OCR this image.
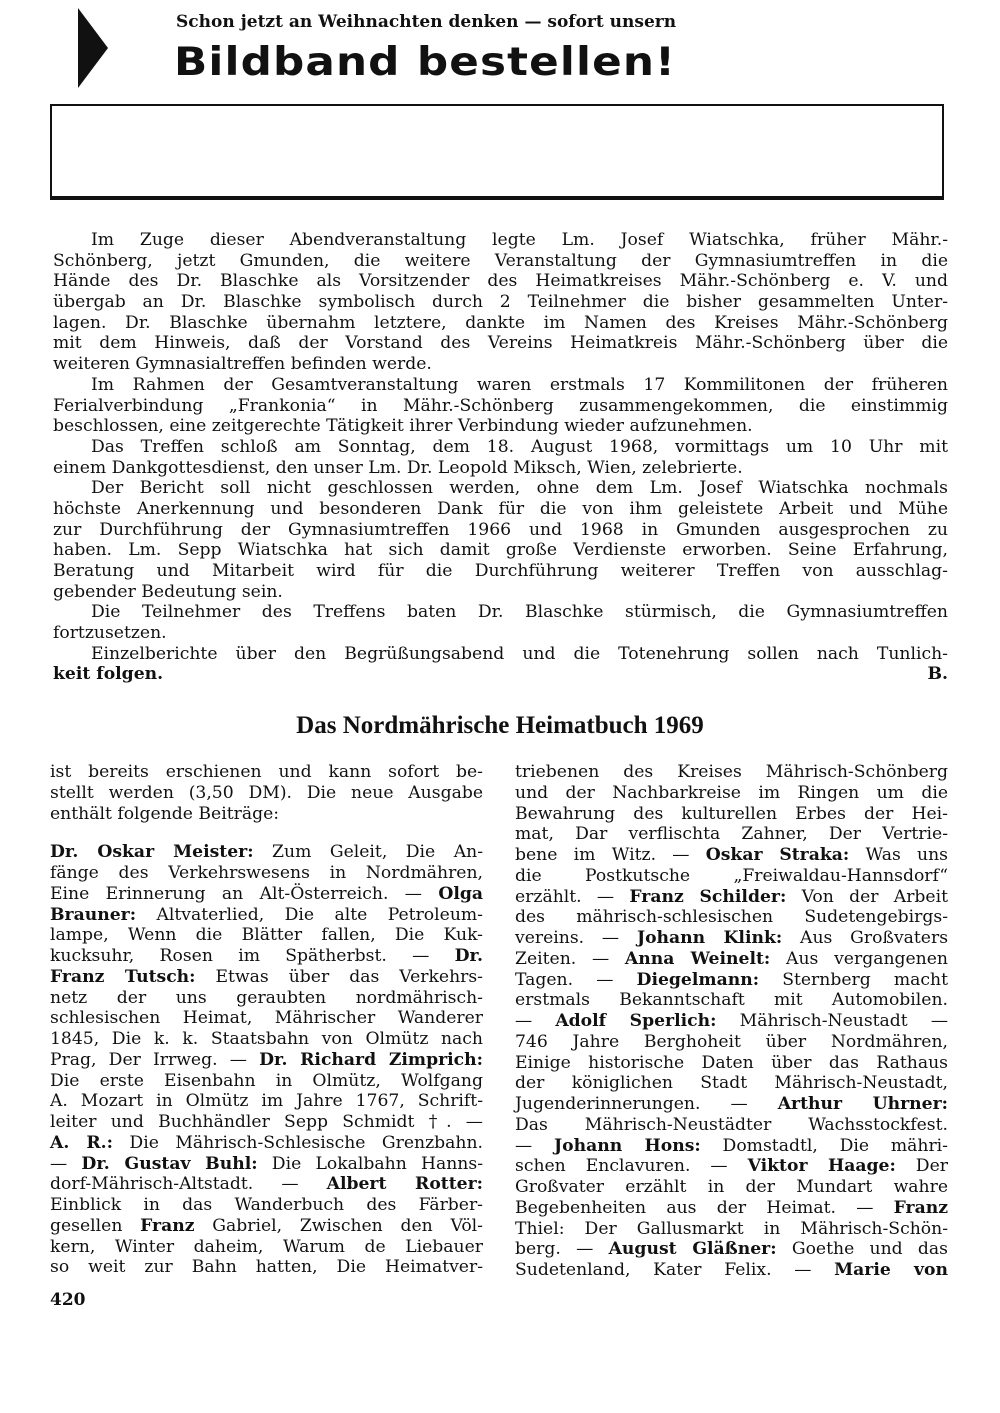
Schon jetzt an Weihnachten denken — sofort unsern
Bildband bestellen!
Im Zuge dieser Abendveranstaltung legte Lm. Josef Wiatschka, früher Mähr.-
Schönberg, jetzt Gmunden, die weitere Veranstaltung der Gymnasiumtreffen in die
Hände des Dr. Blaschke als Vorsitzender des Heimatkreises Mähr.-Schönberg e. V. und
übergab an Dr. Blaschke symbolisch durch 2 Teilnehmer die bisher gesammelten Unter-
lagen. Dr. Blaschke übernahm letztere, dankte im Namen des Kreises Mähr.-Schönberg
mit dem Hinweis, daß der Vorstand des Vereins Heimatkreis Mähr.-Schönberg über die
weiteren Gymnasialtreffen befinden werde.
Im Rahmen der Gesamtveranstaltung waren erstmals 17 Kommilitonen der früheren
Ferialverbindung „Frankonia“ in Mähr.-Schönberg zusammengekommen, die einstimmig
beschlossen, eine zeitgerechte Tätigkeit ihrer Verbindung wieder aufzunehmen.
Das Treffen schloß am Sonntag, dem 18. August 1968, vormittags um 10 Uhr mit
einem Dankgottesdienst, den unser Lm. Dr. Leopold Miksch, Wien, zelebrierte.
Der Bericht soll nicht geschlossen werden, ohne dem Lm. Josef Wiatschka nochmals
höchste Anerkennung und besonderen Dank für die von ihm geleistete Arbeit und Mühe
zur Durchführung der Gymnasiumtreffen 1966 und 1968 in Gmunden ausgesprochen zu
haben. Lm. Sepp Wiatschka hat sich damit große Verdienste erworben. Seine Erfahrung,
Beratung und Mitarbeit wird für die Durchführung weiterer Treffen von ausschlag-
gebender Bedeutung sein.
Die Teilnehmer des Treffens baten Dr. Blaschke stürmisch, die Gymnasiumtreffen
fortzusetzen.
Einzelberichte über den Begrüßungsabend und die Totenehrung sollen nach Tunlich-
keit folgen.	B.
Das Nordmährische Heimatbuch 1969
ist bereits erschienen und kann sofort be-
stellt werden (3,50 DM). Die neue Ausgabe
enthält folgende Beiträge:
Dr. Oskar Meister: Zum Geleit, Die An-
fänge des Verkehrswesens in Nordmähren,
Eine Erinnerung an Alt-Österreich. — Olga
Brauner: Altvaterlied, Die alte Petroleum-
lampe, Wenn die Blätter fallen, Die Kuk-
kucksuhr, Rosen im Spätherbst. — Dr.
Franz Tutsch: Etwas über das Verkehrs-
netz der uns geraubten nordmährisch-
schlesischen Heimat, Mährischer Wanderer
1845, Die k. k. Staatsbahn von Olmütz nach
Prag, Der Irrweg. — Dr. Richard Zimprich:
Die erste Eisenbahn in Olmütz, Wolfgang
A. Mozart in Olmütz im Jahre 1767, Schrift-
leiter und Buchhändler Sepp Schmidt †. —
A. R.: Die Mährisch-Schlesische Grenzbahn.
— Dr. Gustav Buhl: Die Lokalbahn Hanns-
dorf-Mährisch-Altstadt. — Albert Rotter:
Einblick in das Wanderbuch des Färber-
gesellen Franz Gabriel, Zwischen den Völ-
kern, Winter daheim, Warum de Liebauer
so weit zur Bahn hatten, Die Heimatver-
triebenen des Kreises Mährisch-Schönberg
und der Nachbarkreise im Ringen um die
Bewahrung des kulturellen Erbes der Hei-
mat, Dar verflischta Zahner, Der Vertrie-
bene im Witz. — Oskar Straka: Was uns
die Postkutsche „Freiwaldau-Hannsdorf“
erzählt. — Franz Schilder: Von der Arbeit
des mährisch-schlesischen Sudetengebirgs-
vereins. — Johann Klink: Aus Großvaters
Zeiten. — Anna Weinelt: Aus vergangenen
Tagen. — Diegelmann: Sternberg macht
erstmals Bekanntschaft mit Automobilen.
— Adolf Sperlich: Mährisch-Neustadt —
746 Jahre Berghoheit über Nordmähren,
Einige historische Daten über das Rathaus
der königlichen Stadt Mährisch-Neustadt,
Jugenderinnerungen. — Arthur Uhrner:
Das Mährisch-Neustädter Wachsstockfest.
— Johann Hons: Domstadtl, Die mähri-
schen Enclavuren. — Viktor Haage: Der
Großvater erzählt in der Mundart wahre
Begebenheiten aus der Heimat. — Franz
Thiel: Der Gallusmarkt in Mährisch-Schön-
berg. — August Gläßner: Goethe und das
Sudetenland, Kater Felix. — Marie von
420
